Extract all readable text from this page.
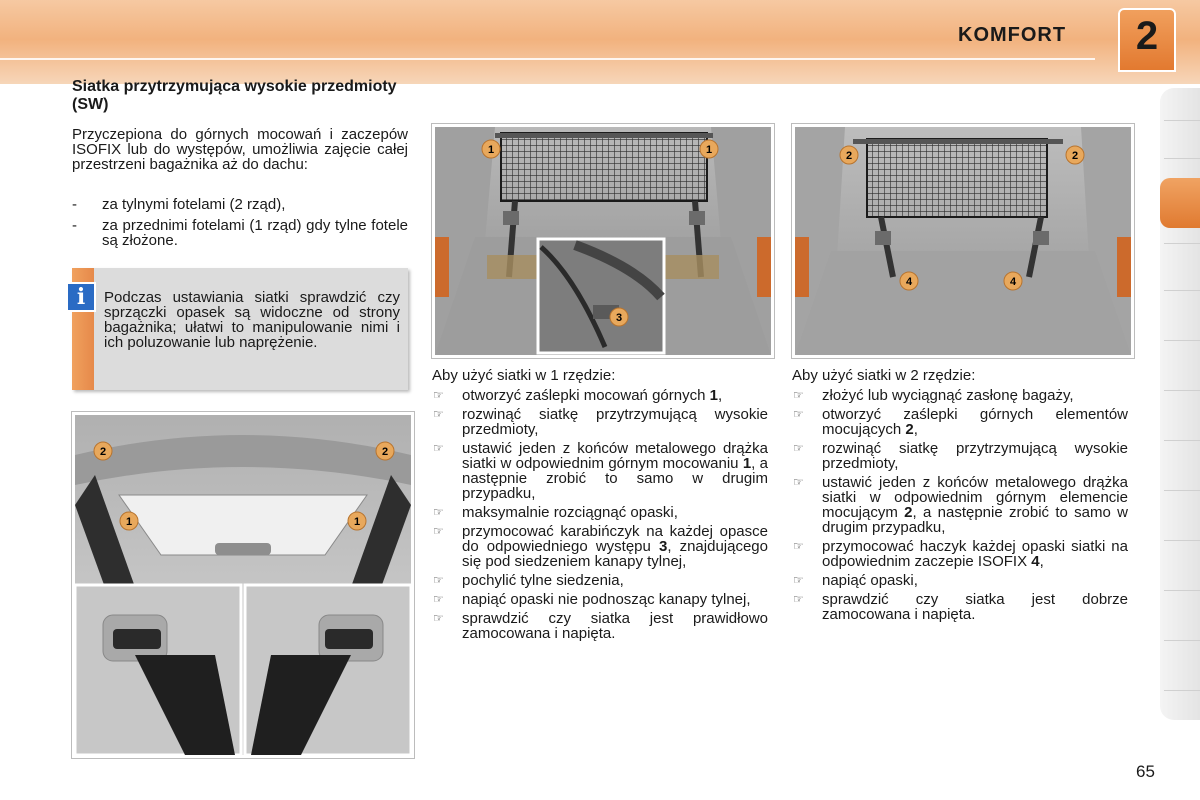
KOMFORT	2
Siatka przytrzymująca wysokie przedmioty (SW)
Przyczepiona do górnych mocowań i zaczepów ISOFIX lub do występów, umożliwia zajęcie całej przestrzeni bagażnika aż do dachu:
- za tylnymi fotelami (2 rząd),
- za przednimi fotelami (1 rząd) gdy tylne fotele są złożone.
i	Podczas ustawiania siatki sprawdzić czy sprzączki opasek są widoczne od strony bagażnika; ułatwi to manipulowanie nimi i ich poluzowanie lub naprężenie.
1	1
3
2	2
4	4
2	2
1	1
Aby użyć siatki w 1 rzędzie:
☞ otworzyć zaślepki mocowań górnych 1,
☞ rozwinąć siatkę przytrzymującą wysokie przedmioty,
☞ ustawić jeden z końców metalowego drążka siatki w odpowiednim górnym mocowaniu 1, a następnie zrobić to samo w drugim przypadku,
☞ maksymalnie rozciągnąć opaski,
☞ przymocować karabińczyk na każdej opasce do odpowiedniego występu 3, znajdującego się pod siedzeniem kanapy tylnej,
☞ pochylić tylne siedzenia,
☞ napiąć opaski nie podnosząc kanapy tylnej,
☞ sprawdzić czy siatka jest prawidłowo zamocowana i napięta.
Aby użyć siatki w 2 rzędzie:
☞ złożyć lub wyciągnąć zasłonę bagaży,
☞ otworzyć zaślepki górnych elementów mocujących 2,
☞ rozwinąć siatkę przytrzymującą wysokie przedmioty,
☞ ustawić jeden z końców metalowego drążka siatki w odpowiednim górnym elemencie mocującym 2, a następnie zrobić to samo w drugim przypadku,
☞ przymocować haczyk każdej opaski siatki na odpowiednim zaczepie ISOFIX 4,
☞ napiąć opaski,
☞ sprawdzić czy siatka jest dobrze zamocowana i napięta.
65
